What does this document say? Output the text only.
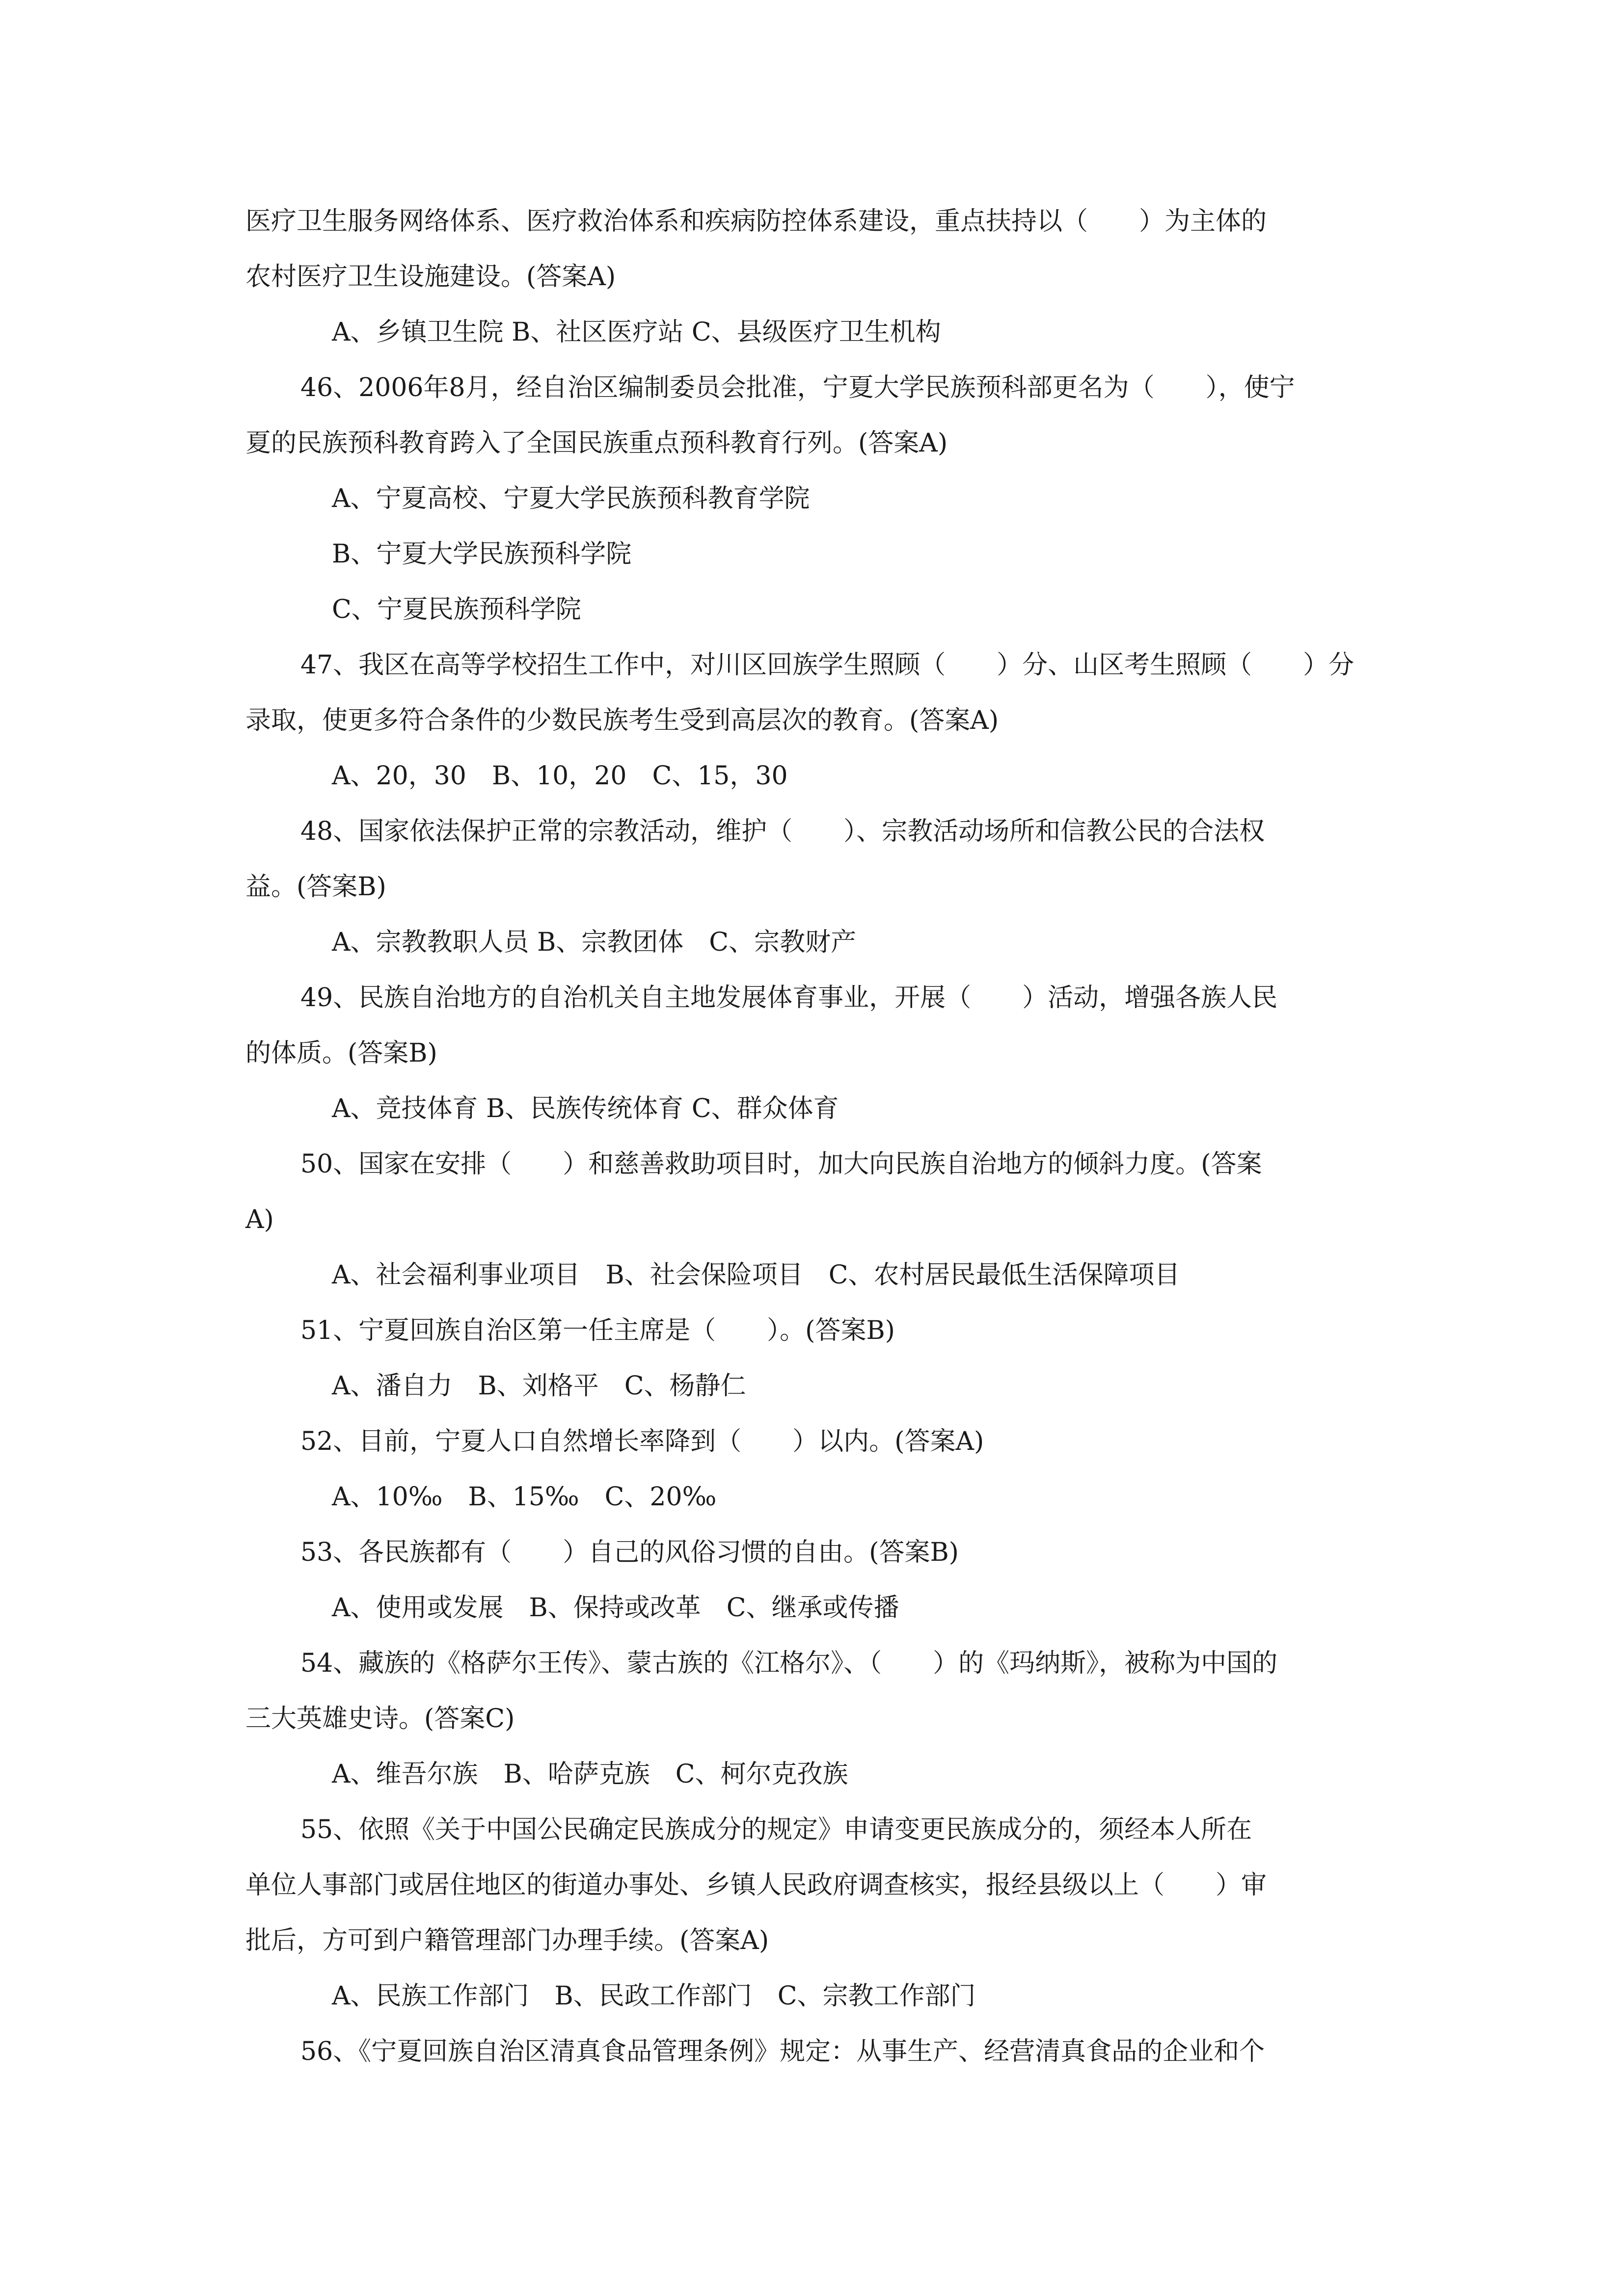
医疗卫生服务网络体系、医疗救治体系和疾病防控体系建设，重点扶持以（　　）为主体的
农村医疗卫生设施建设。(答案A)
A、乡镇卫生院 B、社区医疗站 C、县级医疗卫生机构
46、2006年8月，经自治区编制委员会批准，宁夏大学民族预科部更名为（　　），使宁
夏的民族预科教育跨入了全国民族重点预科教育行列。(答案A)
A、宁夏高校、宁夏大学民族预科教育学院
B、宁夏大学民族预科学院
C、宁夏民族预科学院
47、我区在高等学校招生工作中，对川区回族学生照顾（　　）分、山区考生照顾（　　）分
录取，使更多符合条件的少数民族考生受到高层次的教育。(答案A)
A、20，30　B、10，20　C、15，30
48、国家依法保护正常的宗教活动，维护（　　）、宗教活动场所和信教公民的合法权
益。(答案B)
A、宗教教职人员 B、宗教团体　C、宗教财产
49、民族自治地方的自治机关自主地发展体育事业，开展（　　）活动，增强各族人民
的体质。(答案B)
A、竞技体育 B、民族传统体育 C、群众体育
50、国家在安排（　　）和慈善救助项目时，加大向民族自治地方的倾斜力度。(答案
A)
A、社会福利事业项目　B、社会保险项目　C、农村居民最低生活保障项目
51、宁夏回族自治区第一任主席是（　　）。(答案B)
A、潘自力　B、刘格平　C、杨静仁
52、目前，宁夏人口自然增长率降到（　　）以内。(答案A)
A、10‰　B、15‰　C、20‰
53、各民族都有（　　）自己的风俗习惯的自由。(答案B)
A、使用或发展　B、保持或改革　C、继承或传播
54、藏族的《格萨尔王传》、蒙古族的《江格尔》、（　　）的《玛纳斯》，被称为中国的
三大英雄史诗。(答案C)
A、维吾尔族　B、哈萨克族　C、柯尔克孜族
55、依照《关于中国公民确定民族成分的规定》申请变更民族成分的，须经本人所在
单位人事部门或居住地区的街道办事处、乡镇人民政府调查核实，报经县级以上（　　）审
批后，方可到户籍管理部门办理手续。(答案A)
A、民族工作部门　B、民政工作部门　C、宗教工作部门
56、《宁夏回族自治区清真食品管理条例》规定：从事生产、经营清真食品的企业和个
